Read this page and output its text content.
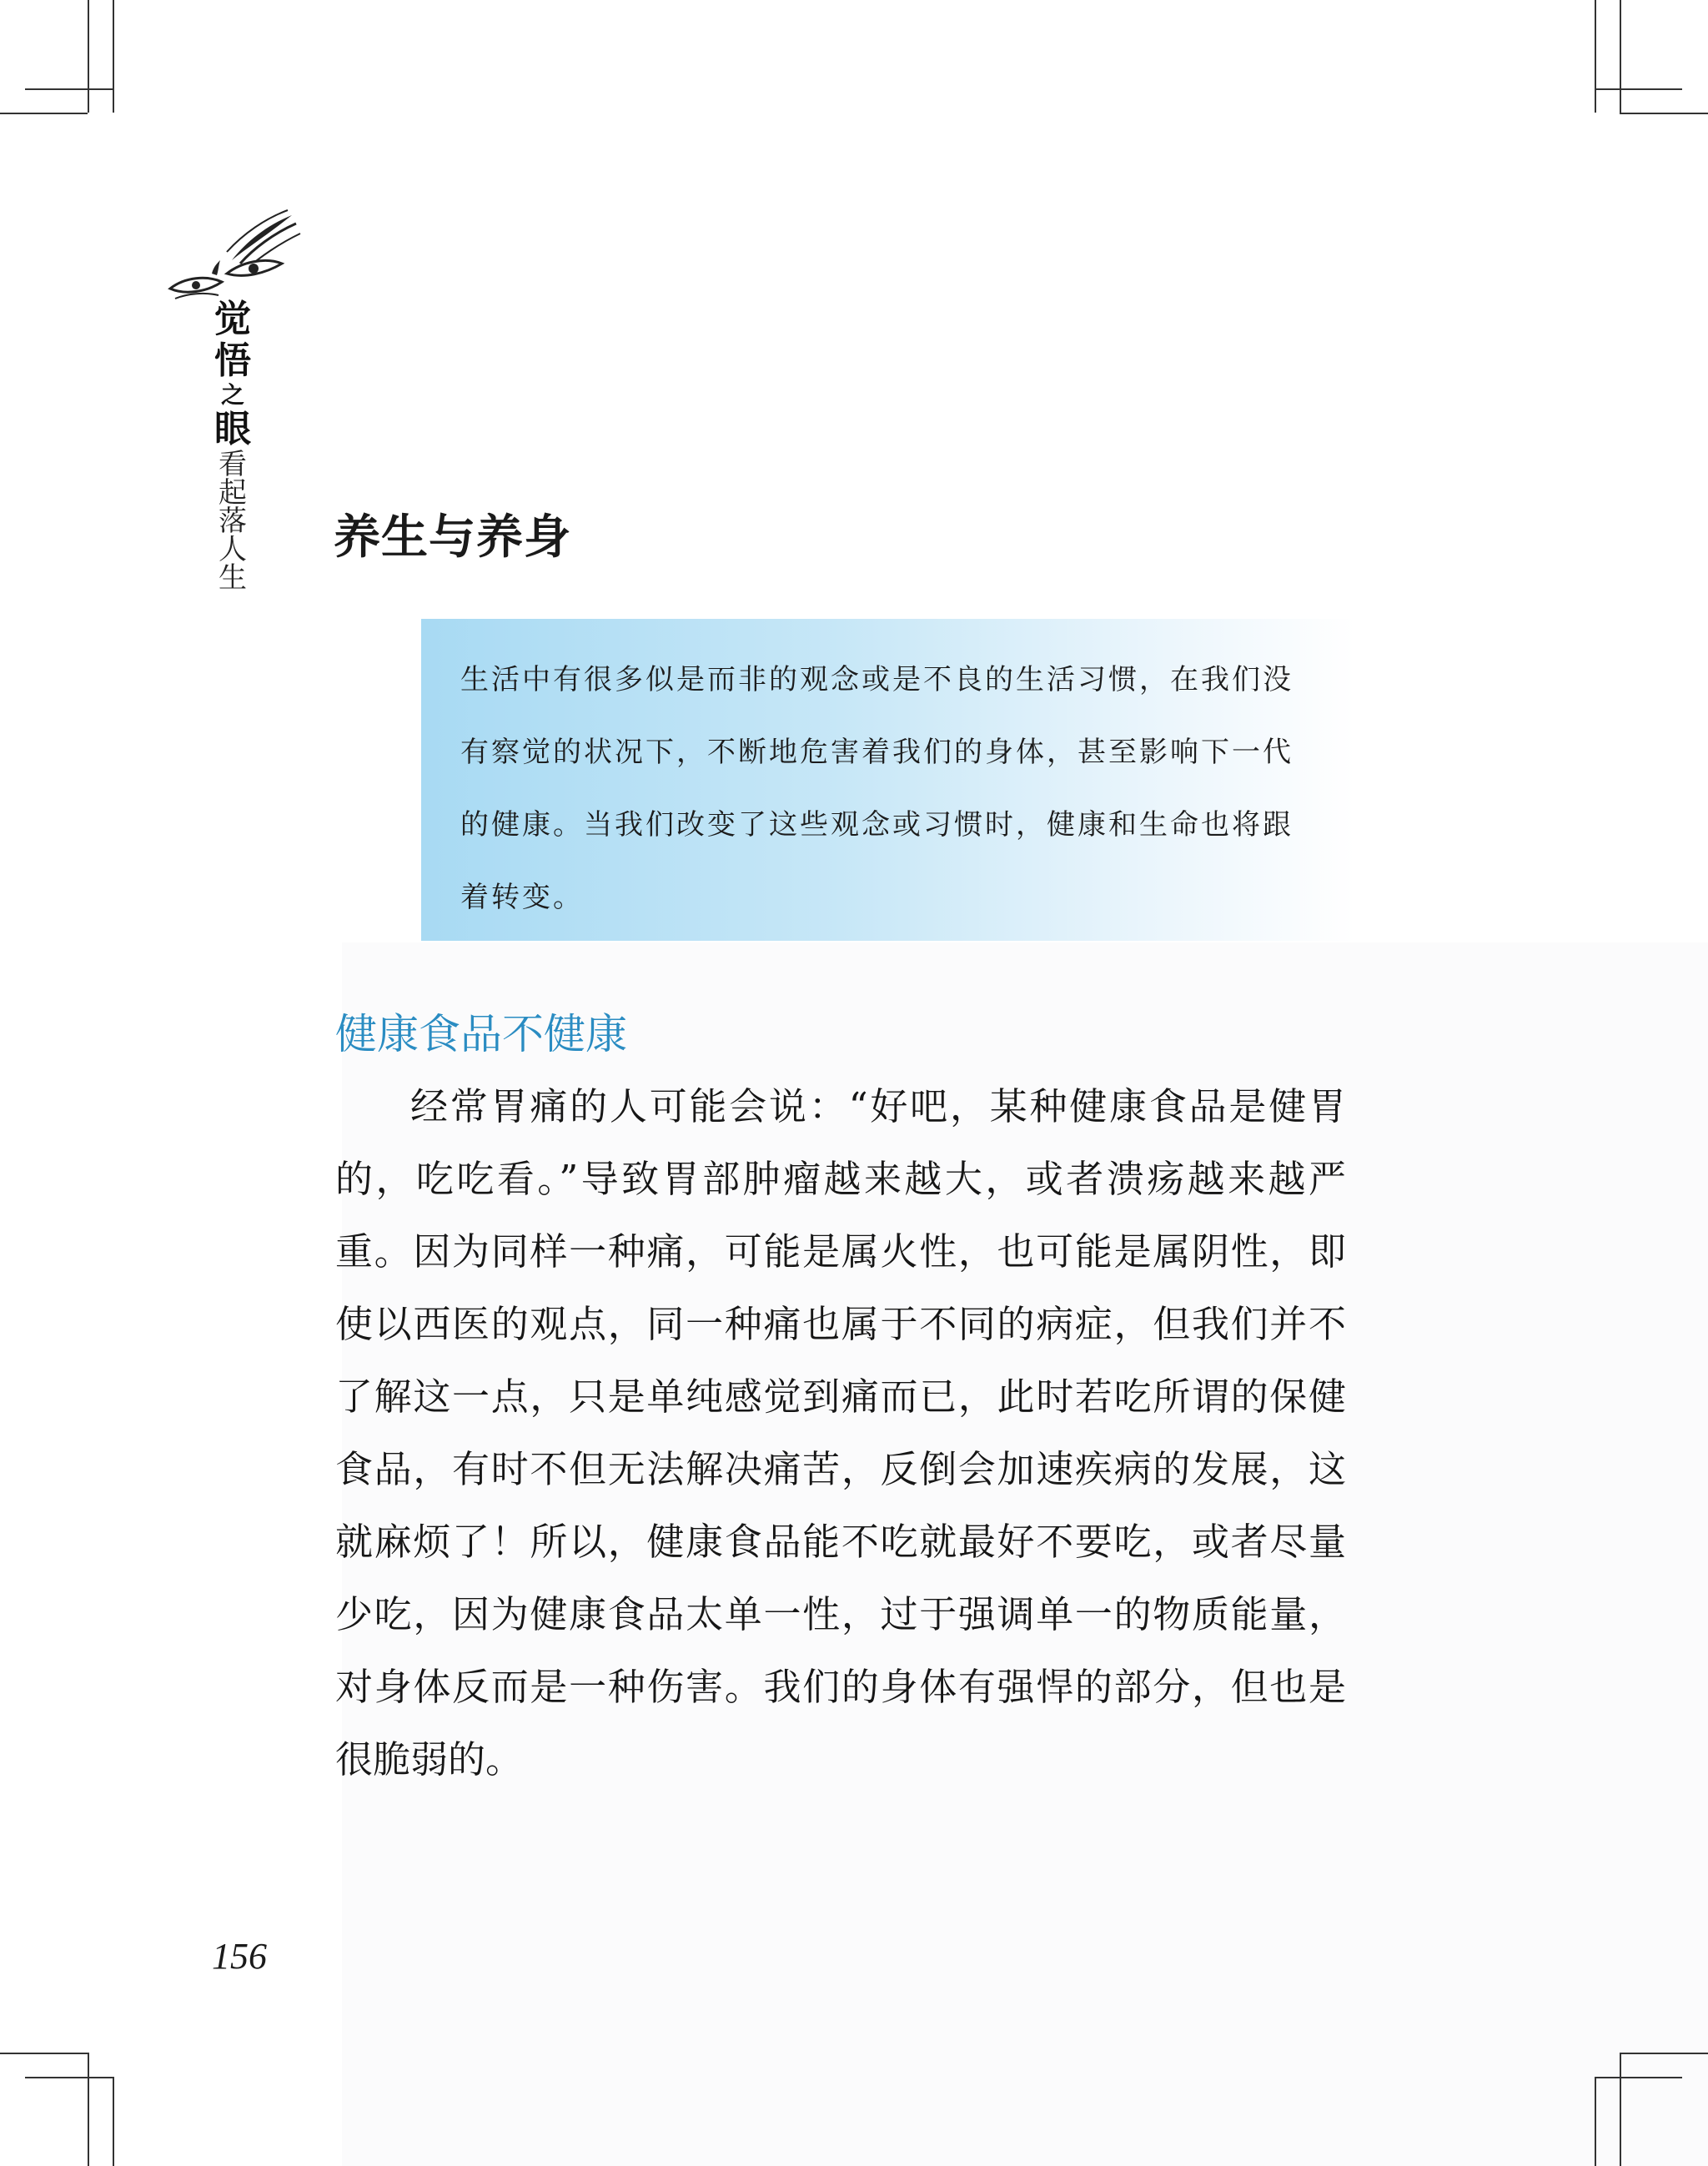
觉
悟
之
眼
看
起
落
人
生
养生与养身

生活中有很多似是而非的观念或是不良的生活习惯，在我们没有察觉的状况下，不断地危害着我们的身体，甚至影响下一代的健康。当我们改变了这些观念或习惯时，健康和生命也将跟着转变。

健康食品不健康

经常胃痛的人可能会说：“好吧，某种健康食品是健胃的，吃吃看。”导致胃部肿瘤越来越大，或者溃疡越来越严重。因为同样一种痛，可能是属火性，也可能是属阴性，即使以西医的观点，同一种痛也属于不同的病症，但我们并不了解这一点，只是单纯感觉到痛而已，此时若吃所谓的保健食品，有时不但无法解决痛苦，反倒会加速疾病的发展，这就麻烦了！所以，健康食品能不吃就最好不要吃，或者尽量少吃，因为健康食品太单一性，过于强调单一的物质能量，对身体反而是一种伤害。我们的身体有强悍的部分，但也是很脆弱的。

156
